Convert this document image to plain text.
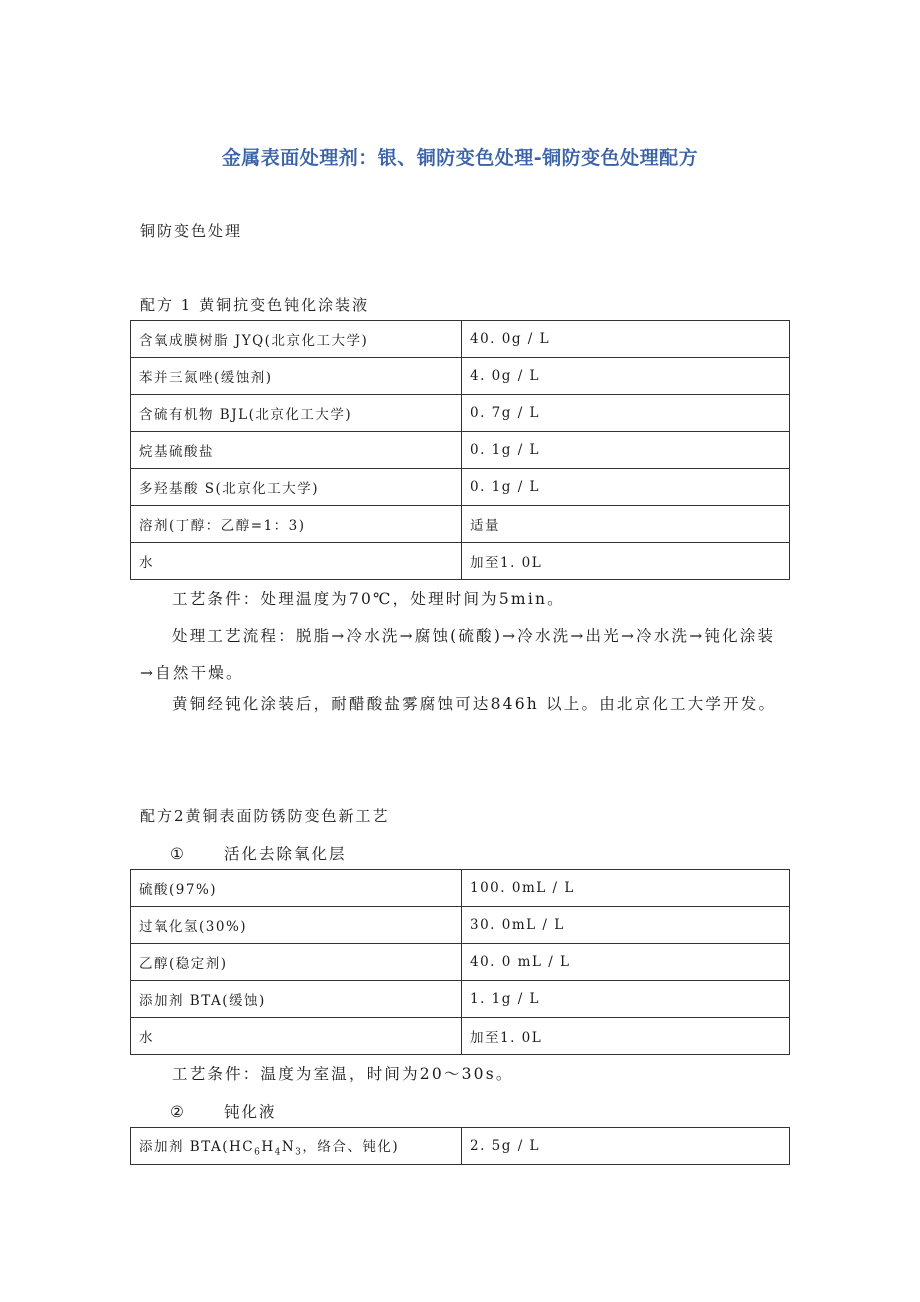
金属表面处理剂：银、铜防变色处理-铜防变色处理配方
铜防变色处理
配方 1 黄铜抗变色钝化涂装液
含氧成膜树脂 JYQ(北京化工大学)	40. 0g / L
苯并三氮唑(缓蚀剂)	4. 0g / L
含硫有机物 BJL(北京化工大学)	0. 7g / L
烷基硫酸盐	0. 1g / L
多羟基酸 S(北京化工大学)	0. 1g / L
溶剂(丁醇：乙醇=1：3)	适量
水	加至1. 0L
工艺条件：处理温度为70℃，处理时间为5min。
处理工艺流程：脱脂→冷水洗→腐蚀(硫酸)→冷水洗→出光→冷水洗→钝化涂装→自然干燥。
黄铜经钝化涂装后，耐醋酸盐雾腐蚀可达846h 以上。由北京化工大学开发。
配方2黄铜表面防锈防变色新工艺
① 活化去除氧化层
硫酸(97%)	100. 0mL / L
过氧化氢(30%)	30. 0mL / L
乙醇(稳定剂)	40. 0 mL / L
添加剂 BTA(缓蚀)	1. 1g / L
水	加至1. 0L
工艺条件：温度为室温，时间为20～30s。
② 钝化液
添加剂 $BTA(HC_6H_4N_3$，络合、钝化)	2. 5g / L
